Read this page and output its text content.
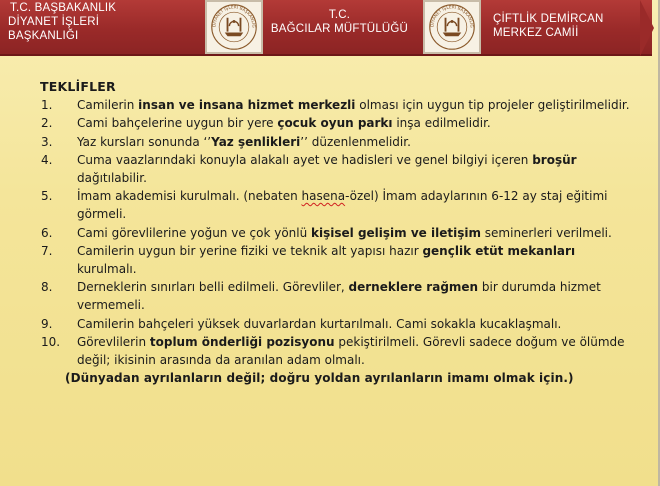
T.C. BAŞBAKANLIK
DİYANET İŞLERİ
BAŞKANLIĞI
DİYANET İŞLERİ BAŞKANLIĞ
T.C.
BAĞCILAR MÜFTÜLÜĞÜ	DİYANET İŞLERİ BAŞKANLIĞ
ÇİFTLİK DEMİRCAN
MERKEZ CAMİİ
TEKLİFLER
1.	Camilerin insan ve insana hizmet merkezli olması için uygun tip projeler geliştirilmelidir.
2.	Cami bahçelerine uygun bir yere çocuk oyun parkı inşa edilmelidir.
3.	Yaz kursları sonunda ‘’Yaz şenlikleri’’ düzenlenmelidir.
4.	Cuma vaazlarındaki konuyla alakalı ayet ve hadisleri ve genel bilgiyi içeren broşür dağıtılabilir.
5.	İmam akademisi kurulmalı. (nebaten hasena-özel) İmam adaylarının 6-12 ay staj eğitimi görmeli.
6.	Cami görevlilerine yoğun ve çok yönlü kişisel gelişim ve iletişim seminerleri verilmeli.
7.	Camilerin uygun bir yerine fiziki ve teknik alt yapısı hazır gençlik etüt mekanları kurulmalı.
8.	Derneklerin sınırları belli edilmeli. Görevliler, derneklere rağmen bir durumda hizmet vermemeli.
9.	Camilerin bahçeleri yüksek duvarlardan kurtarılmalı. Cami sokakla kucaklaşmalı.
10.	Görevlilerin toplum önderliği pozisyonu pekiştirilmeli. Görevli sadece doğum ve ölümde değil; ikisinin arasında da aranılan adam olmalı.
(Dünyadan ayrılanların değil; doğru yoldan ayrılanların imamı olmak için.)
